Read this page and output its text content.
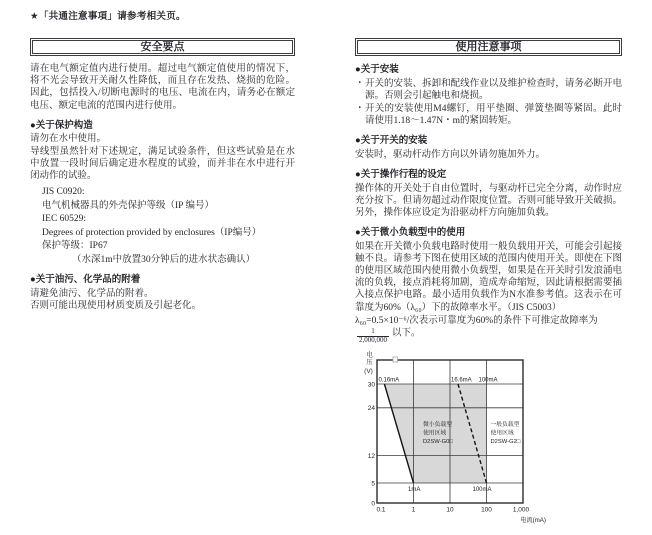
★「共通注意事項」请参考相关页。
安全要点

请在电气额定值内进行使用。超过电气额定值使用的情况下，将不光会导致开关耐久性降低，而且存在发热、烧损的危险。因此，包括投入/切断电源时的电压、电流在内，请务必在额定电压、额定电流的范围内进行使用。

●关于保护构造

请勿在水中使用。

导线型虽然针对下述规定，满足试验条件，但这些试验是在水中放置一段时间后确定进水程度的试验，而并非在水中进行开闭动作的试验。

JIS C0920:
电气机械器具的外壳保护等级（IP 编号）
IEC 60529:
Degrees of protection provided by enclosures（IP编号）
保护等级：IP67
（水深1m中放置30分钟后的进水状态确认）
●关于油污、化学品的附着

请避免油污、化学品的附着。

否则可能出现使用材质变质及引起老化。

使用注意事项
●关于安装
・ 开关的安装、拆卸和配线作业以及维护检查时，请务必断开电源。否则会引起触电和烧损。
・ 开关的安装使用M4螺钉，用平垫圈、弹簧垫圈等紧固。此时请使用1.18～1.47N・m的紧固转矩。
●关于开关的安装

安装时，驱动杆动作方向以外请勿施加外力。

●关于操作行程的设定

操作体的开关处于自由位置时，与驱动杆已完全分离，动作时应充分按下。但请勿超过动作限度位置。否则可能导致开关破损。另外，操作体应设定为沿驱动杆方向施加负载。

●关于微小负载型中的使用

如果在开关微小负载电路时使用一般负载用开关，可能会引起接触不良。请参考下图在使用区域的范围内使用开关。即使在下图的使用区域范围内使用微小负载型，如果是在开关时引发浪涌电流的负载，接点消耗将加剧，造成寿命缩短，因此请根据需要插入接点保护电路。最小适用负载作为N水准参考值。这表示在可靠度为60%（λ₆₀）下的故障率水平。（JIS C5003）

λ₆₀=0.5×10⁻⁶/次表示可靠度为60%的条件下可推定故障率为

$\frac{1}{2,000,000}$ 以下。

电压
(V)
0.16mA	16.6mA 100mA
1mA	100mA
30
24
12
5
0
0.1	1	10	100	1,000
微小负载型
使用区域
D2SW-G0□
一般负载型
使用区域
D2SW-G2□
电流(mA)
